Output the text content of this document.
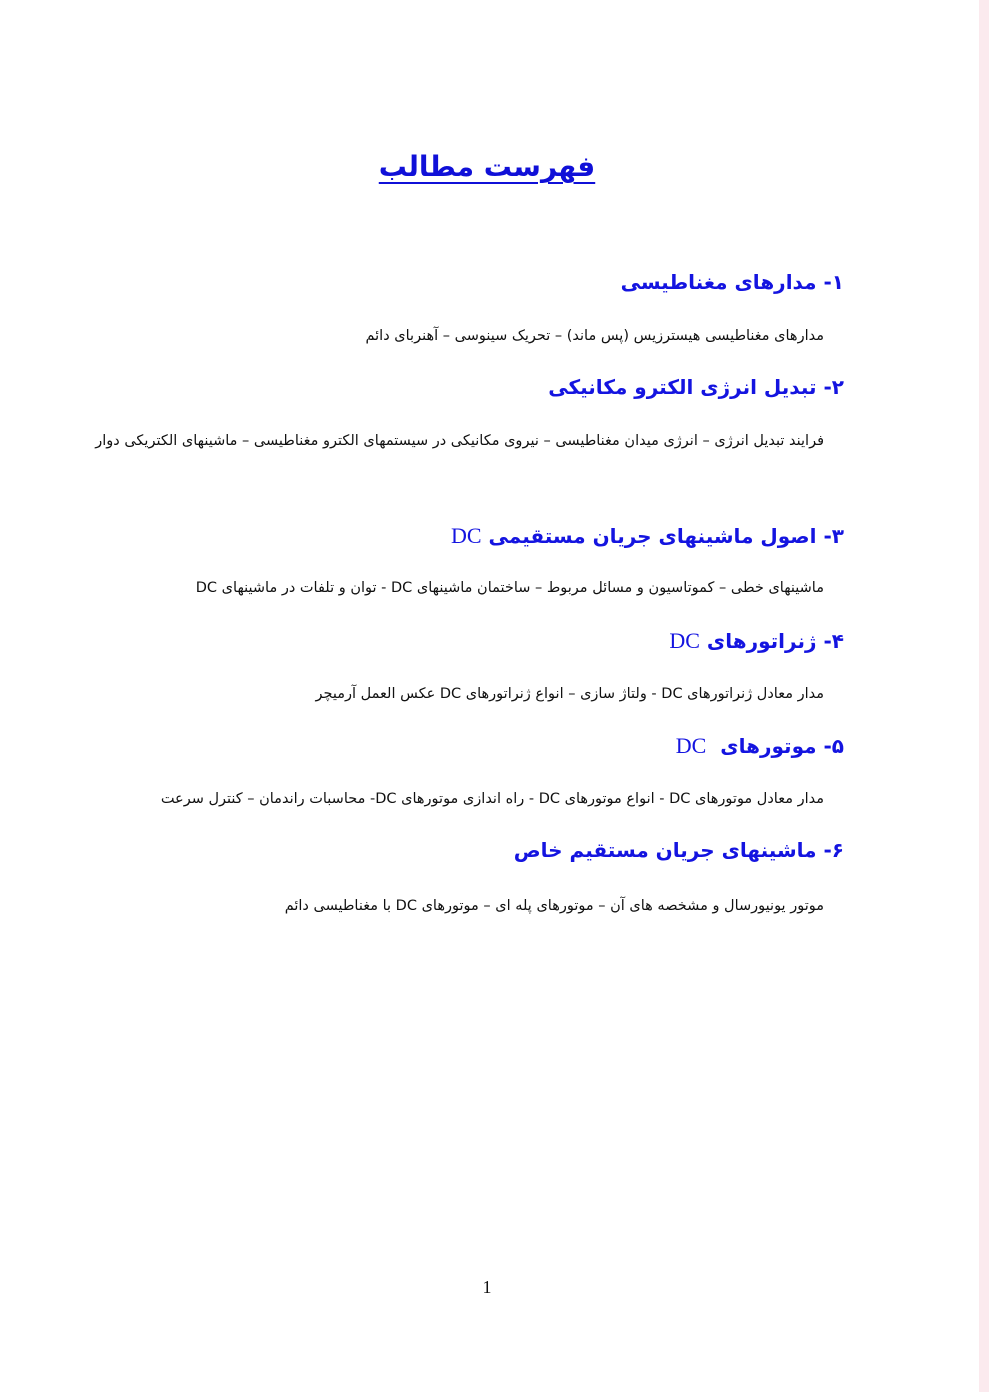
فهرست مطالب
۱- مدارهای مغناطیسی

مدارهای مغناطیسی هیسترزیس (پس ماند) – تحریک سینوسی – آهنربای دائم

۲- تبدیل انرژی الکترو مکانیکی

فرایند تبدیل انرژی – انرژی میدان مغناطیسی – نیروی مکانیکی در سیستمهای الکترو مغناطیسی – ماشینهای الکتریکی دوار

۳- اصول ماشینهای جریان مستقیمی DC

ماشینهای خطی – کموتاسیون و مسائل مربوط – ساختمان ماشینهای DC - توان و تلفات در ماشینهای DC

۴- ژنراتورهای DC

مدار معادل ژنراتورهای DC - ولتاژ سازی – انواع ژنراتورهای DC عکس العمل آرمیچر

۵- موتورهای  DC

مدار معادل موتورهای DC - انواع موتورهای DC - راه اندازی موتورهای DC- محاسبات راندمان – کنترل سرعت

۶- ماشینهای جریان مستقیم خاص

موتور یونیورسال و مشخصه های آن – موتورهای پله ای – موتورهای DC با مغناطیسی دائم

1
